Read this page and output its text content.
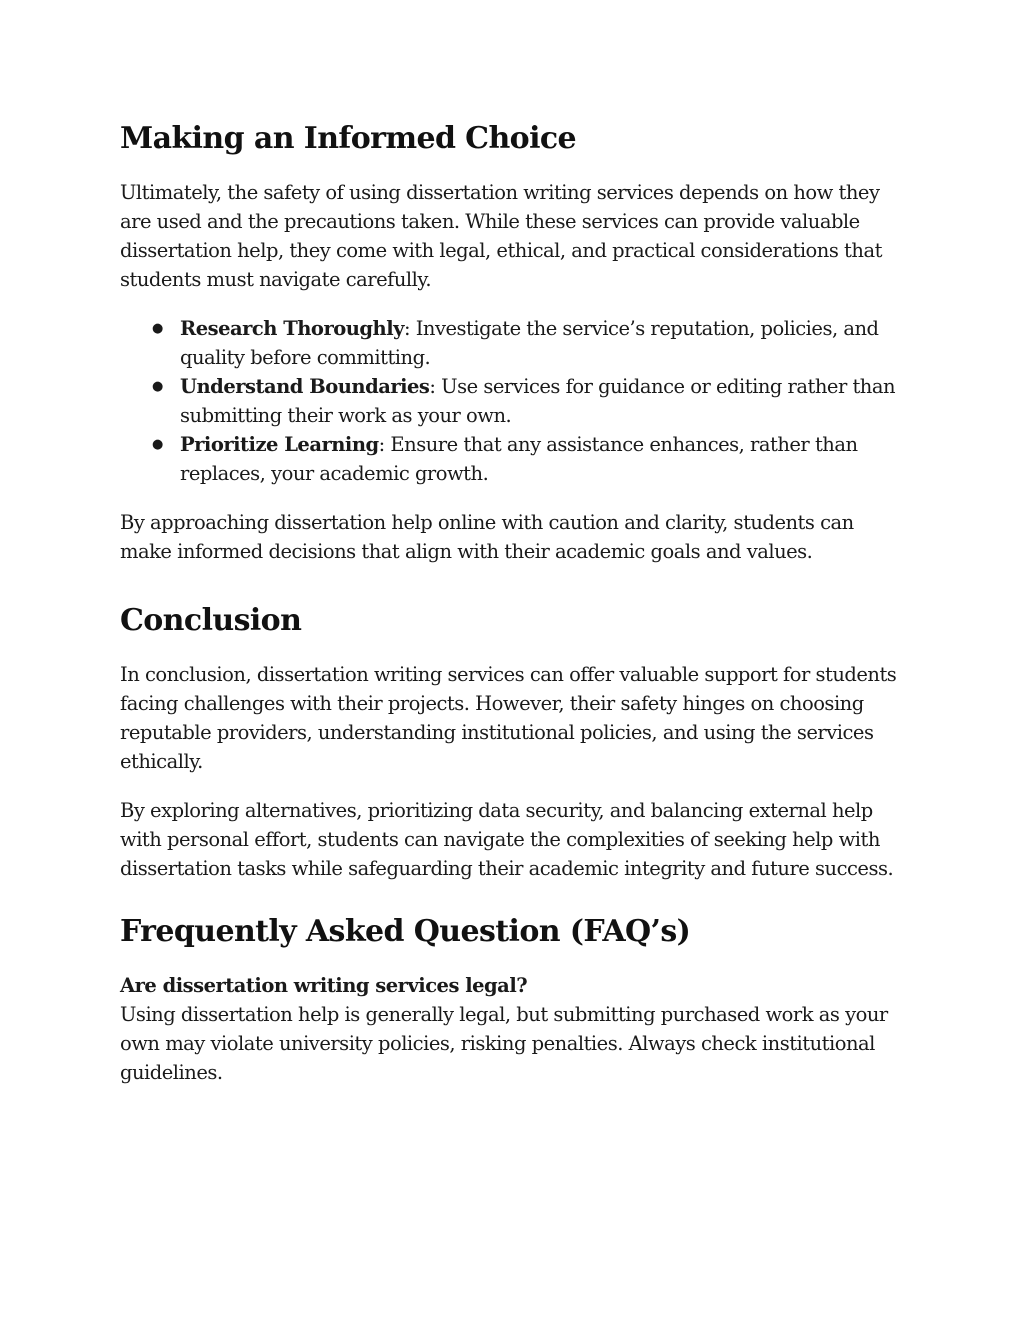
Making an Informed Choice

Ultimately, the safety of using dissertation writing services depends on how they are used and the precautions taken. While these services can provide valuable dissertation help, they come with legal, ethical, and practical considerations that students must navigate carefully.

● Research Thoroughly: Investigate the service’s reputation, policies, and quality before committing.
● Understand Boundaries: Use services for guidance or editing rather than submitting their work as your own.
● Prioritize Learning: Ensure that any assistance enhances, rather than replaces, your academic growth.

By approaching dissertation help online with caution and clarity, students can make informed decisions that align with their academic goals and values.

Conclusion

In conclusion, dissertation writing services can offer valuable support for students facing challenges with their projects. However, their safety hinges on choosing reputable providers, understanding institutional policies, and using the services ethically.

By exploring alternatives, prioritizing data security, and balancing external help with personal effort, students can navigate the complexities of seeking help with dissertation tasks while safeguarding their academic integrity and future success.

Frequently Asked Question (FAQ’s)

Are dissertation writing services legal?
Using dissertation help is generally legal, but submitting purchased work as your own may violate university policies, risking penalties. Always check institutional guidelines.
